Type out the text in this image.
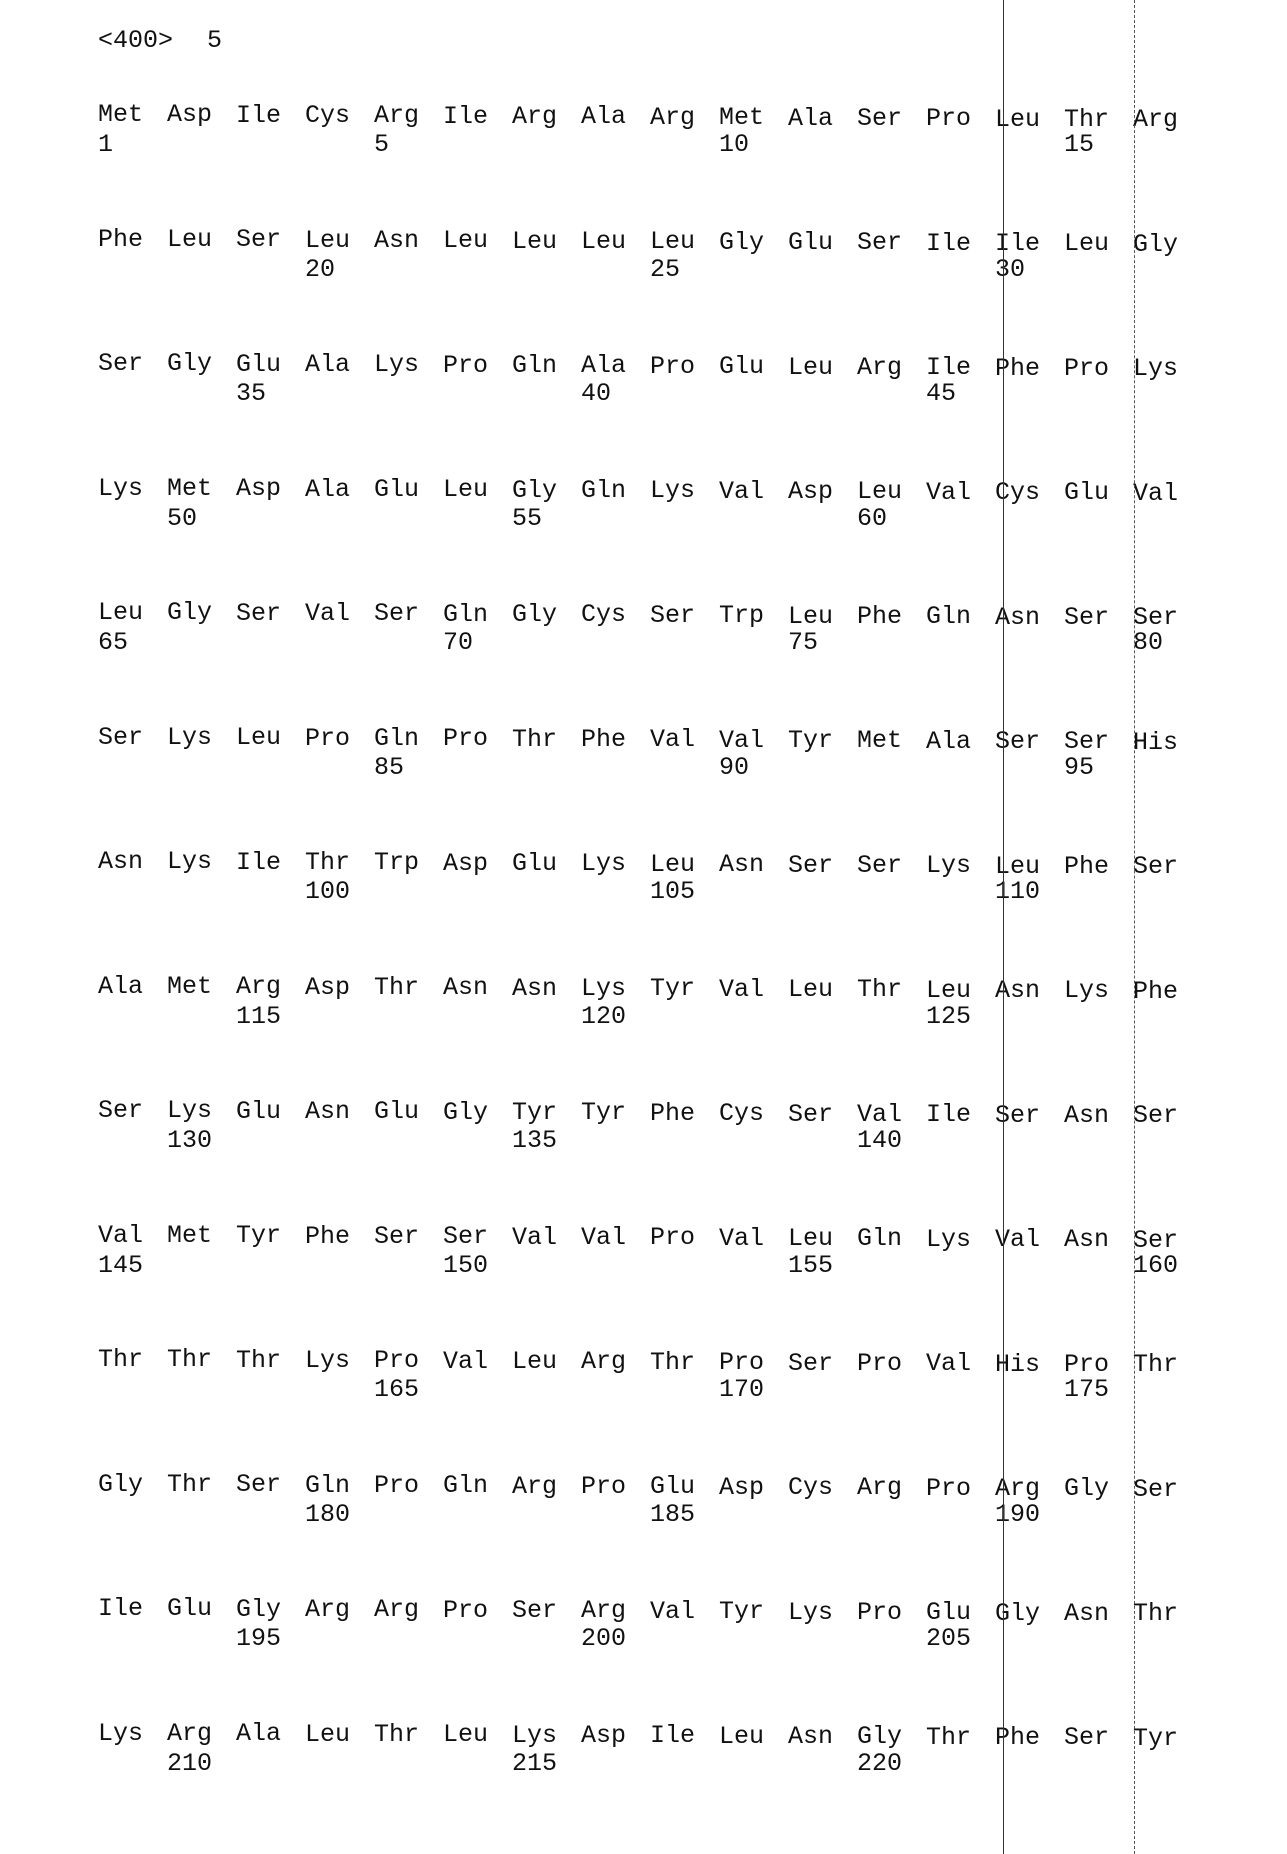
<400> 5
Met Asp Ile Cys Arg Ile Arg Ala Arg Met Ala Ser Pro Leu Thr Arg
1	5	10	15
Phe Leu Ser Leu Asn Leu Leu Leu Leu Gly Glu Ser Ile Ile Leu Gly
20	25	30
Ser Gly Glu Ala Lys Pro Gln Ala Pro Glu Leu Arg Ile Phe Pro Lys
35	40	45
Lys Met Asp Ala Glu Leu Gly Gln Lys Val Asp Leu Val Cys Glu Val
50	55	60
Leu Gly Ser Val Ser Gln Gly Cys Ser Trp Leu Phe Gln Asn Ser Ser
65	70	75	80
Ser Lys Leu Pro Gln Pro Thr Phe Val Val Tyr Met Ala Ser Ser His
85	90	95
Asn Lys Ile Thr Trp Asp Glu Lys Leu Asn Ser Ser Lys Leu Phe Ser
100	105	110
Ala Met Arg Asp Thr Asn Asn Lys Tyr Val Leu Thr Leu Asn Lys Phe
115	120	125
Ser Lys Glu Asn Glu Gly Tyr Tyr Phe Cys Ser Val Ile Ser Asn Ser
130	135	140
Val Met Tyr Phe Ser Ser Val Val Pro Val Leu Gln Lys Val Asn Ser
145	150	155	160
Thr Thr Thr Lys Pro Val Leu Arg Thr Pro Ser Pro Val His Pro Thr
165	170	175
Gly Thr Ser Gln Pro Gln Arg Pro Glu Asp Cys Arg Pro Arg Gly Ser
180	185	190
Ile Glu Gly Arg Arg Pro Ser Arg Val Tyr Lys Pro Glu Gly Asn Thr
195	200	205
Lys Arg Ala Leu Thr Leu Lys Asp Ile Leu Asn Gly Thr Phe Ser Tyr
210	215	220
